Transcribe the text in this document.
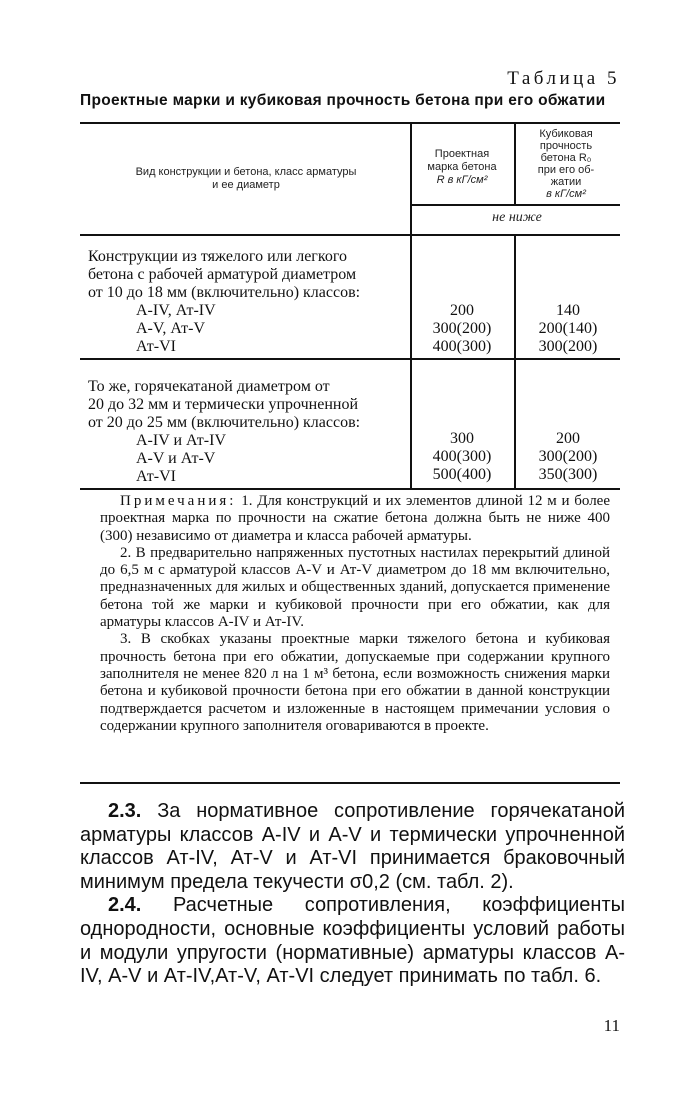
Таблица 5
Проектные марки и кубиковая прочность бетона при его обжатии
Вид конструкции и бетона, класс арматуры
и ее диаметр
Проектная
марка бетона
R в кГ/см²
Кубиковая
прочность
бетона R₀
при его об-
жатии
в кГ/см²
не ниже
Конструкции из тяжелого или легкого
бетона с рабочей арматурой диаметром
от 10 до 18 мм (включительно) классов:
А-IV, Ат-IV
А-V, Ат-V
Ат-VI
200
300(200)
400(300)
140
200(140)
300(200)
То же, горячекатаной диаметром от
20 до 32 мм и термически упрочненной
от 20 до 25 мм (включительно) классов:
А-IV и Ат-IV
А-V и Ат-V
Ат-VI
300
400(300)
500(400)
200
300(200)
350(300)

Примечания: 1. Для конструкций и их элементов длиной 12 м и более проектная марка по прочности на сжатие бетона должна быть не ниже 400 (300) независимо от диаметра и класса рабочей арматуры.

2. В предварительно напряженных пустотных настилах перекрытий длиной до 6,5 м с арматурой классов А-V и Ат-V диаметром до 18 мм включительно, предназначенных для жилых и общественных зданий, допускается применение бетона той же марки и кубиковой прочности при его обжатии, как для арматуры классов А-IV и Ат-IV.

3. В скобках указаны проектные марки тяжелого бетона и кубиковая прочность бетона при его обжатии, допускаемые при содержании крупного заполнителя не менее 820 л на 1 м³ бетона, если возможность снижения марки бетона и кубиковой прочности бетона при его обжатии в данной конструкции подтверждается расчетом и изложенные в настоящем примечании условия о содержании крупного заполнителя оговариваются в проекте.

2.3. За нормативное сопротивление горячекатаной арматуры классов А-IV и А-V и термически упрочненной классов Ат-IV, Ат-V и Ат-VI принимается браковочный минимум предела текучести σ0,2 (см. табл. 2).

2.4. Расчетные сопротивления, коэффициенты однородности, основные коэффициенты условий работы и модули упругости (нормативные) арматуры классов А-IV, А-V и Ат-IV,Ат-V, Ат-VI следует принимать по табл. 6.

11
